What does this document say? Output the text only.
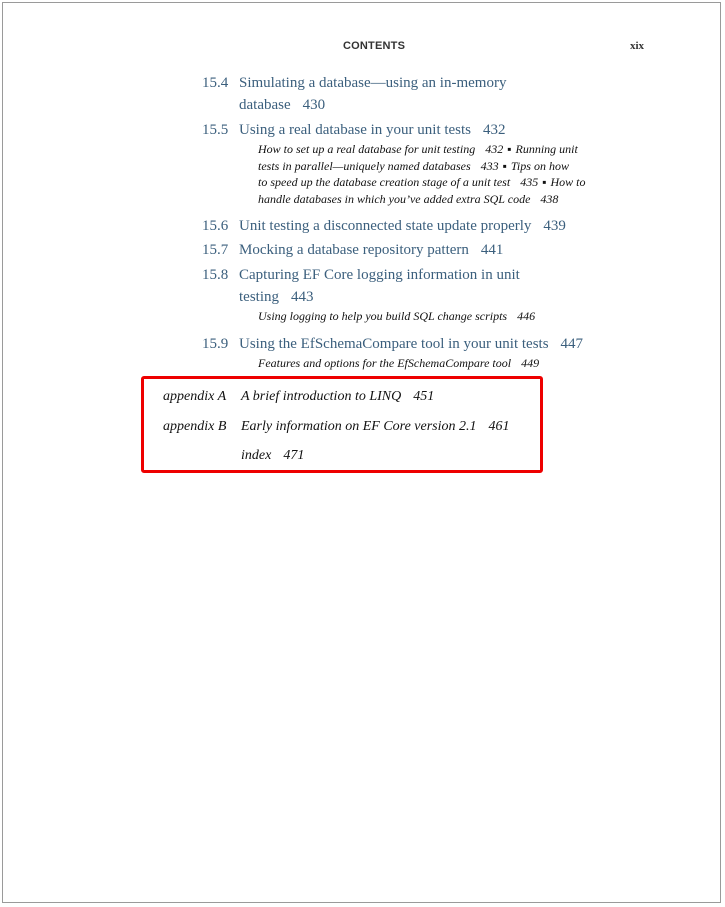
CONTENTS	xix
15.4 Simulating a database—using an in-memory
database 430
15.5 Using a real database in your unit tests 432
How to set up a real database for unit testing 432 ▪ Running unit
tests in parallel—uniquely named databases 433 ▪ Tips on how
to speed up the database creation stage of a unit test 435 ▪ How to
handle databases in which you’ve added extra SQL code 438
15.6 Unit testing a disconnected state update properly 439
15.7 Mocking a database repository pattern 441
15.8 Capturing EF Core logging information in unit
testing 443
Using logging to help you build SQL change scripts 446
15.9 Using the EfSchemaCompare tool in your unit tests 447
Features and options for the EfSchemaCompare tool 449
appendix A A brief introduction to LINQ 451
appendix B Early information on EF Core version 2.1 461
index 471
